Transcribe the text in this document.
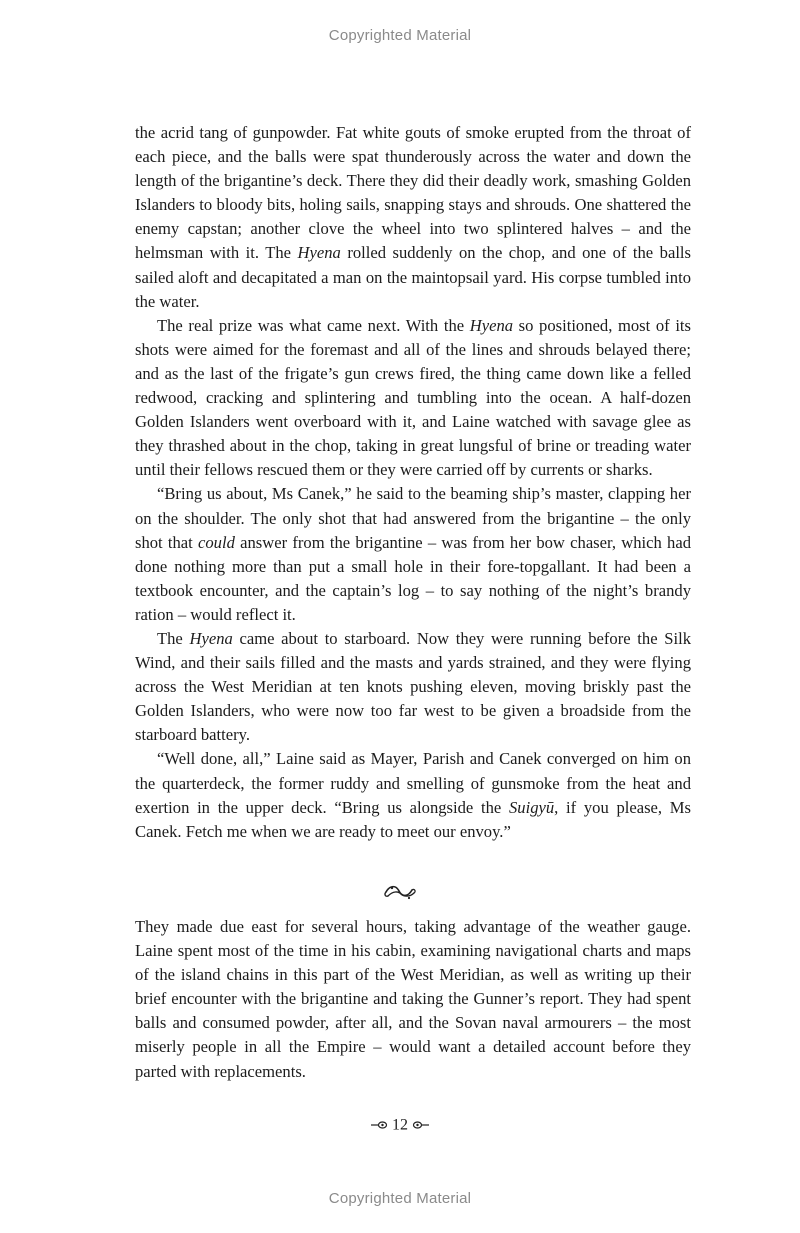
Copyrighted Material

the acrid tang of gunpowder. Fat white gouts of smoke erupted from the throat of each piece, and the balls were spat thunderously across the water and down the length of the brigantine’s deck. There they did their deadly work, smashing Golden Islanders to bloody bits, holing sails, snapping stays and shrouds. One shattered the enemy capstan; another clove the wheel into two splintered halves – and the helmsman with it. The Hyena rolled suddenly on the chop, and one of the balls sailed aloft and decapitated a man on the maintopsail yard. His corpse tumbled into the water.

The real prize was what came next. With the Hyena so positioned, most of its shots were aimed for the foremast and all of the lines and shrouds belayed there; and as the last of the frigate’s gun crews fired, the thing came down like a felled redwood, cracking and splintering and tumbling into the ocean. A half-dozen Golden Islanders went overboard with it, and Laine watched with savage glee as they thrashed about in the chop, taking in great lungsful of brine or treading water until their fellows rescued them or they were carried off by currents or sharks.

“Bring us about, Ms Canek,” he said to the beaming ship’s master, clapping her on the shoulder. The only shot that had answered from the brigantine – the only shot that could answer from the brigantine – was from her bow chaser, which had done nothing more than put a small hole in their fore-topgallant. It had been a textbook encounter, and the captain’s log – to say nothing of the night’s brandy ration – would reflect it.

The Hyena came about to starboard. Now they were running before the Silk Wind, and their sails filled and the masts and yards strained, and they were flying across the West Meridian at ten knots pushing eleven, moving briskly past the Golden Islanders, who were now too far west to be given a broadside from the starboard battery.

“Well done, all,” Laine said as Mayer, Parish and Canek converged on him on the quarterdeck, the former ruddy and smelling of gunsmoke from the heat and exertion in the upper deck. “Bring us alongside the Suigyū, if you please, Ms Canek. Fetch me when we are ready to meet our envoy.”

They made due east for several hours, taking advantage of the weather gauge. Laine spent most of the time in his cabin, examining navigational charts and maps of the island chains in this part of the West Meridian, as well as writing up their brief encounter with the brigantine and taking the Gunner’s report. They had spent balls and consumed powder, after all, and the Sovan naval armourers – the most miserly people in all the Empire – would want a detailed account before they parted with replacements.

12
Copyrighted Material
